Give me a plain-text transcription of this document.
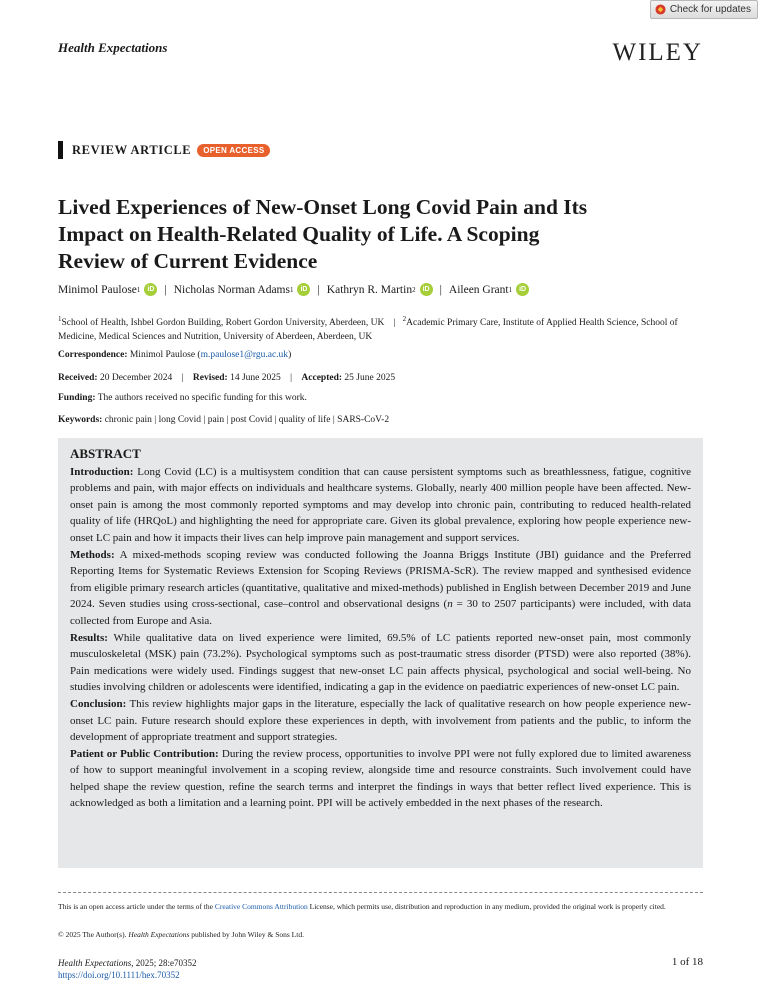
Health Expectations	WILEY
Check for updates
REVIEW ARTICLE	OPEN ACCESS
Lived Experiences of New-Onset Long Covid Pain and Its
Impact on Health-Related Quality of Life. A Scoping
Review of Current Evidence
Minimol Paulose 1	iD | Nicholas Norman Adams 1	iD | Kathryn R. Martin 2	iD | Aileen Grant 1	iD
$^1$School of Health, Ishbel Gordon Building, Robert Gordon University, Aberdeen, UK | $^2$Academic Primary Care, Institute of Applied Health Science, School of Medicine, Medical Sciences and Nutrition, University of Aberdeen, Aberdeen, UK
Correspondence: Minimol Paulose (m.paulose1@rgu.ac.uk)
Received: 20 December 2024 | Revised: 14 June 2025 | Accepted: 25 June 2025
Funding: The authors received no specific funding for this work.
Keywords: chronic pain | long Covid | pain | post Covid | quality of life | SARS-CoV-2
ABSTRACT

Introduction: Long Covid (LC) is a multisystem condition that can cause persistent symptoms such as breathlessness, fatigue, cognitive problems and pain, with major effects on individuals and healthcare systems. Globally, nearly 400 million people have been affected. New-onset pain is among the most commonly reported symptoms and may develop into chronic pain, contributing to reduced health-related quality of life (HRQoL) and highlighting the need for appropriate care. Given its global prevalence, exploring how people experience new-onset LC pain and how it impacts their lives can help improve pain management and support services.

Methods: A mixed-methods scoping review was conducted following the Joanna Briggs Institute (JBI) guidance and the Preferred Reporting Items for Systematic Reviews Extension for Scoping Reviews (PRISMA-ScR). The review mapped and synthesised evidence from eligible primary research articles (quantitative, qualitative and mixed-methods) published in English between December 2019 and June 2024. Seven studies using cross-sectional, case–control and observational designs (n = 30 to 2507 participants) were included, with data collected from Europe and Asia.

Results: While qualitative data on lived experience were limited, 69.5% of LC patients reported new-onset pain, most commonly musculoskeletal (MSK) pain (73.2%). Psychological symptoms such as post-traumatic stress disorder (PTSD) were also reported (38%). Pain medications were widely used. Findings suggest that new-onset LC pain affects physical, psychological and social well-being. No studies involving children or adolescents were identified, indicating a gap in the evidence on paediatric experiences of new-onset LC pain.

Conclusion: This review highlights major gaps in the literature, especially the lack of qualitative research on how people experience new-onset LC pain. Future research should explore these experiences in depth, with involvement from patients and the public, to inform the development of appropriate treatment and support strategies.

Patient or Public Contribution: During the review process, opportunities to involve PPI were not fully explored due to limited awareness of how to support meaningful involvement in a scoping review, alongside time and resource constraints. Such involvement could have helped shape the review question, refine the search terms and interpret the findings in ways that better reflect lived experience. This is acknowledged as both a limitation and a learning point. PPI will be actively embedded in the next phases of the research.

This is an open access article under the terms of the Creative Commons Attribution License, which permits use, distribution and reproduction in any medium, provided the original work is properly cited.
© 2025 The Author(s). Health Expectations published by John Wiley & Sons Ltd.
Health Expectations, 2025; 28:e70352
https://doi.org/10.1111/hex.70352
1 of 18
